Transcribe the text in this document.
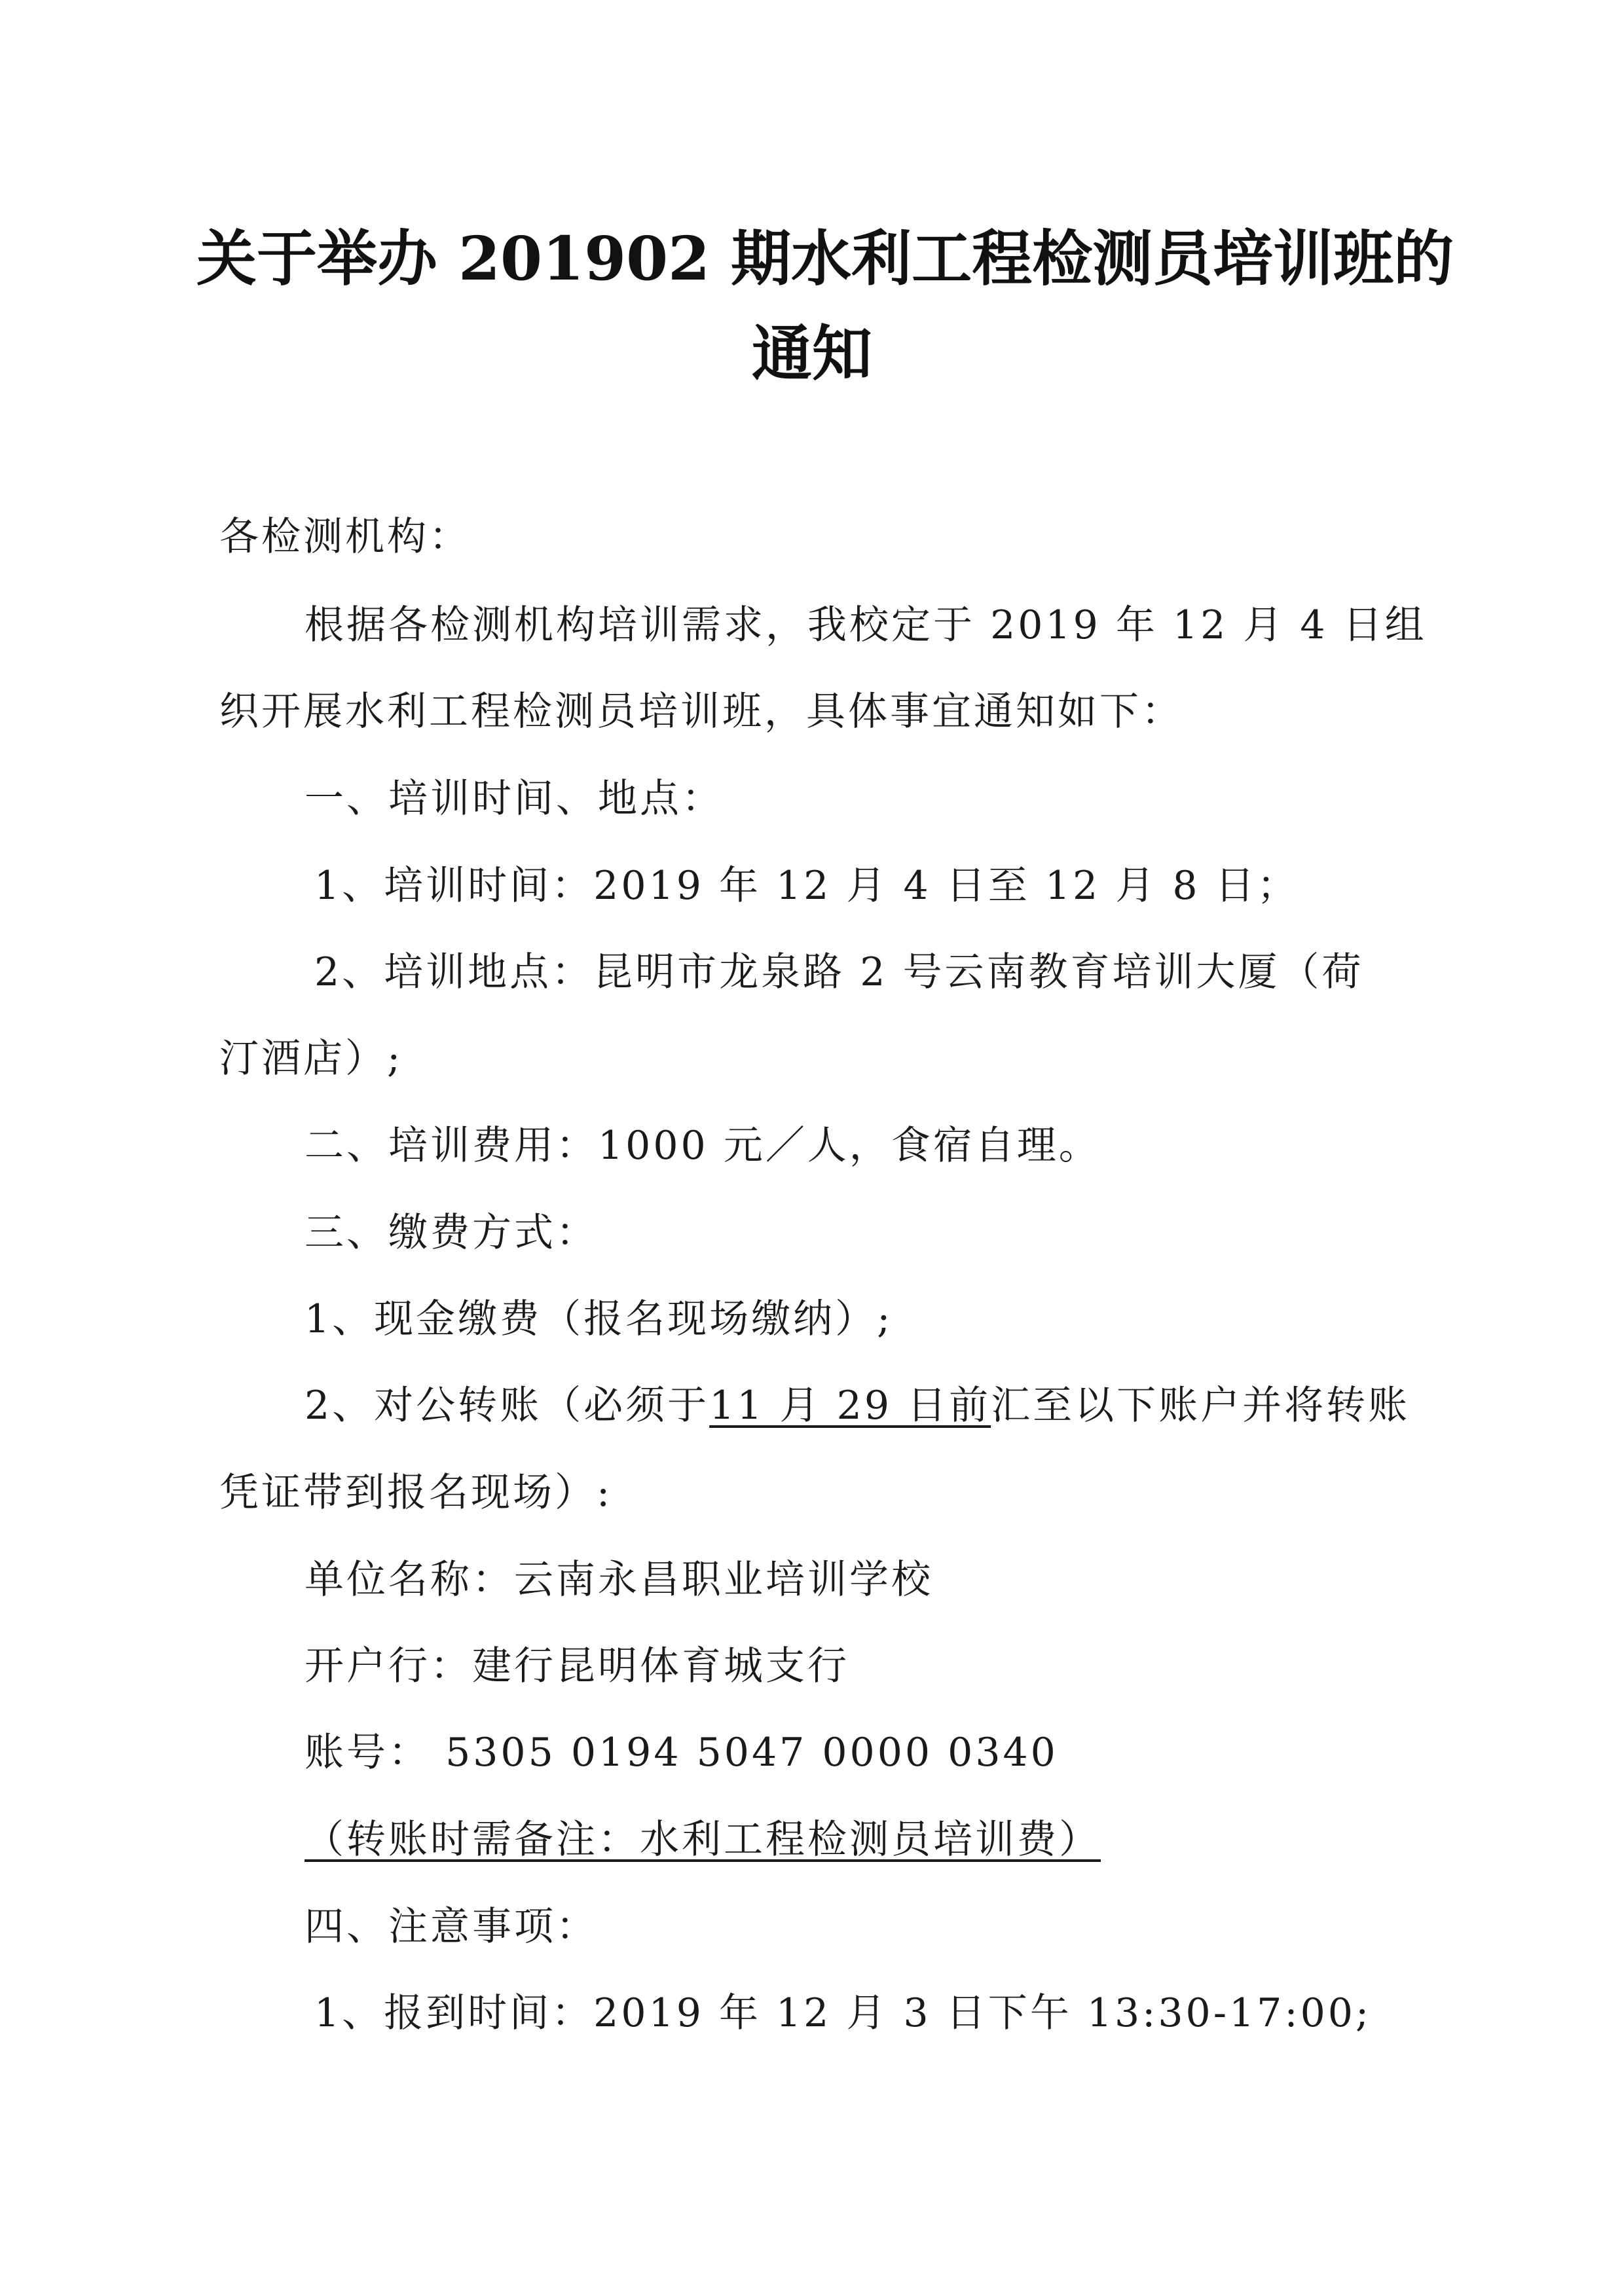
关于举办 201902 期水利工程检测员培训班的
通知
各检测机构：
根据各检测机构培训需求，我校定于 2019 年 12 月 4 日组
织开展水利工程检测员培训班，具体事宜通知如下：
一、培训时间、地点：
1、培训时间：2019 年 12 月 4 日至 12 月 8 日；
2、培训地点：昆明市龙泉路 2 号云南教育培训大厦（荷
汀酒店）;
二、培训费用：1000 元／人，食宿自理。
三、缴费方式：
1、现金缴费（报名现场缴纳）;
2、对公转账（必须于11 月 29 日前汇至以下账户并将转账
凭证带到报名现场）:
单位名称：云南永昌职业培训学校
开户行：建行昆明体育城支行
账号： 5305 0194 5047 0000 0340
（转账时需备注：水利工程检测员培训费）
四、注意事项：
1、报到时间：2019 年 12 月 3 日下午 13:30-17:00;
